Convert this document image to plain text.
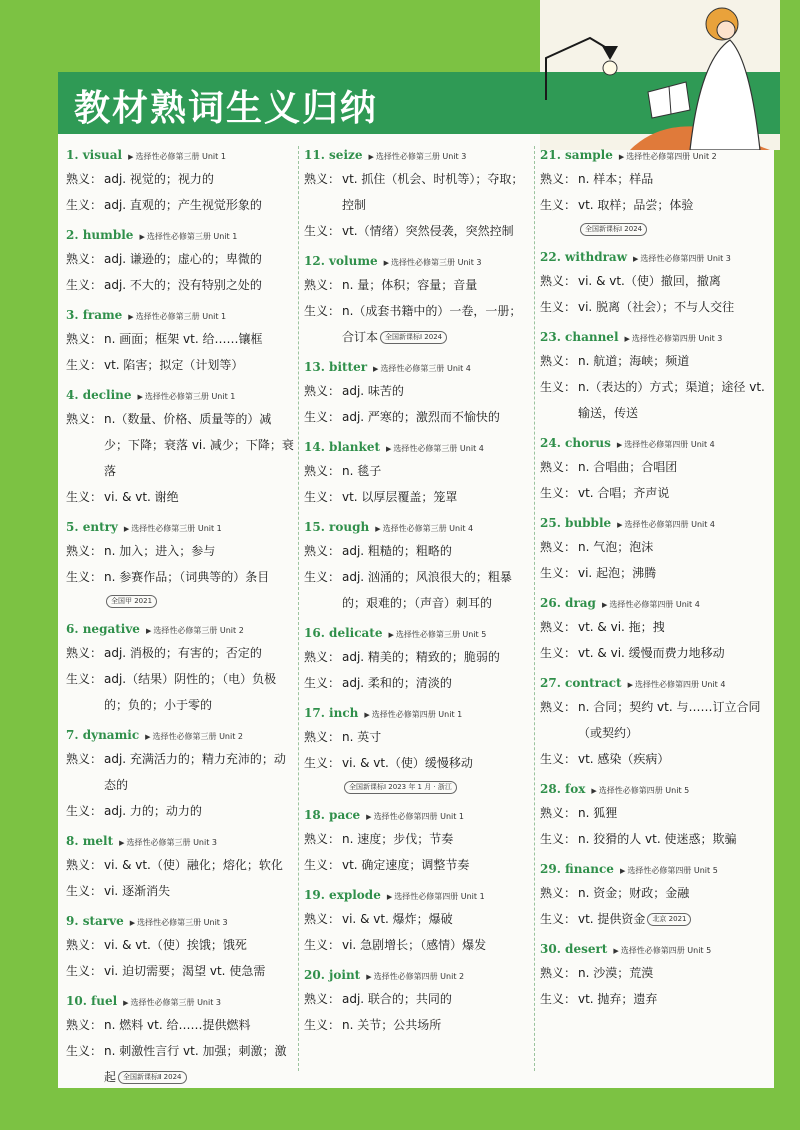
教材熟词生义归纳
1. visual ▶ 选择性必修第三册 Unit 1
熟义： adj. 视觉的；视力的
生义： adj. 直观的；产生视觉形象的
2. humble ▶ 选择性必修第三册 Unit 1
熟义： adj. 谦逊的；虚心的；卑微的
生义： adj. 不大的；没有特别之处的
3. frame ▶ 选择性必修第三册 Unit 1
熟义： n. 画面；框架 vt. 给……镶框
生义： vt. 陷害；拟定（计划等）
4. decline ▶ 选择性必修第三册 Unit 1
熟义： n.（数量、价格、质量等的）减少；下降；衰落 vi. 减少；下降；衰落
生义： vi. & vt. 谢绝
5. entry ▶ 选择性必修第三册 Unit 1
熟义： n. 加入；进入；参与
生义： n. 参赛作品；（词典等的）条目
全国甲 2021
6. negative ▶ 选择性必修第三册 Unit 2
熟义： adj. 消极的；有害的；否定的
生义： adj.（结果）阴性的；（电）负极的；负的；小于零的
7. dynamic ▶ 选择性必修第三册 Unit 2
熟义： adj. 充满活力的；精力充沛的；动态的
生义： adj. 力的；动力的
8. melt ▶ 选择性必修第三册 Unit 3
熟义： vi. & vt.（使）融化；熔化；软化
生义： vi. 逐渐消失
9. starve ▶ 选择性必修第三册 Unit 3
熟义： vi. & vt.（使）挨饿；饿死
生义： vi. 迫切需要；渴望 vt. 使急需
10. fuel ▶ 选择性必修第三册 Unit 3
熟义： n. 燃料 vt. 给……提供燃料
生义： n. 刺激性言行 vt. 加强；刺激；激起 全国新课标Ⅱ 2024
11. seize ▶ 选择性必修第三册 Unit 3
熟义： vt. 抓住（机会、时机等）；夺取；控制
生义： vt.（情绪）突然侵袭，突然控制
12. volume ▶ 选择性必修第三册 Unit 3
熟义： n. 量；体积；容量；音量
生义： n.（成套书籍中的）一卷，一册；合订本 全国新课标Ⅰ 2024
13. bitter ▶ 选择性必修第三册 Unit 4
熟义： adj. 味苦的
生义： adj. 严寒的；激烈而不愉快的
14. blanket ▶ 选择性必修第三册 Unit 4
熟义： n. 毯子
生义： vt. 以厚层覆盖；笼罩
15. rough ▶ 选择性必修第三册 Unit 4
熟义： adj. 粗糙的；粗略的
生义： adj. 汹涌的；风浪很大的；粗暴的；艰难的；（声音）刺耳的
16. delicate ▶ 选择性必修第三册 Unit 5
熟义： adj. 精美的；精致的；脆弱的
生义： adj. 柔和的；清淡的
17. inch ▶ 选择性必修第四册 Unit 1
熟义： n. 英寸
生义： vi. & vt.（使）缓慢移动
全国新课标Ⅰ 2023 年 1 月 · 浙江
18. pace ▶ 选择性必修第四册 Unit 1
熟义： n. 速度；步伐；节奏
生义： vt. 确定速度；调整节奏
19. explode ▶ 选择性必修第四册 Unit 1
熟义： vi. & vt. 爆炸；爆破
生义： vi. 急剧增长；（感情）爆发
20. joint ▶ 选择性必修第四册 Unit 2
熟义： adj. 联合的；共同的
生义： n. 关节；公共场所
21. sample ▶ 选择性必修第四册 Unit 2
熟义： n. 样本；样品
生义： vt. 取样；品尝；体验
全国新课标Ⅰ 2024
22. withdraw ▶ 选择性必修第四册 Unit 3
熟义： vi. & vt.（使）撤回，撤离
生义： vi. 脱离（社会）；不与人交往
23. channel ▶ 选择性必修第四册 Unit 3
熟义： n. 航道；海峡；频道
生义： n.（表达的）方式；渠道；途径 vt. 输送，传送
24. chorus ▶ 选择性必修第四册 Unit 4
熟义： n. 合唱曲；合唱团
生义： vt. 合唱；齐声说
25. bubble ▶ 选择性必修第四册 Unit 4
熟义： n. 气泡；泡沫
生义： vi. 起泡；沸腾
26. drag ▶ 选择性必修第四册 Unit 4
熟义： vt. & vi. 拖；拽
生义： vt. & vi. 缓慢而费力地移动
27. contract ▶ 选择性必修第四册 Unit 4
熟义： n. 合同；契约 vt. 与……订立合同（或契约）
生义： vt. 感染（疾病）
28. fox ▶ 选择性必修第四册 Unit 5
熟义： n. 狐狸
生义： n. 狡猾的人 vt. 使迷惑；欺骗
29. finance ▶ 选择性必修第四册 Unit 5
熟义： n. 资金；财政；金融
生义： vt. 提供资金 北京 2021
30. desert ▶ 选择性必修第四册 Unit 5
熟义： n. 沙漠；荒漠
生义： vt. 抛弃；遗弃
